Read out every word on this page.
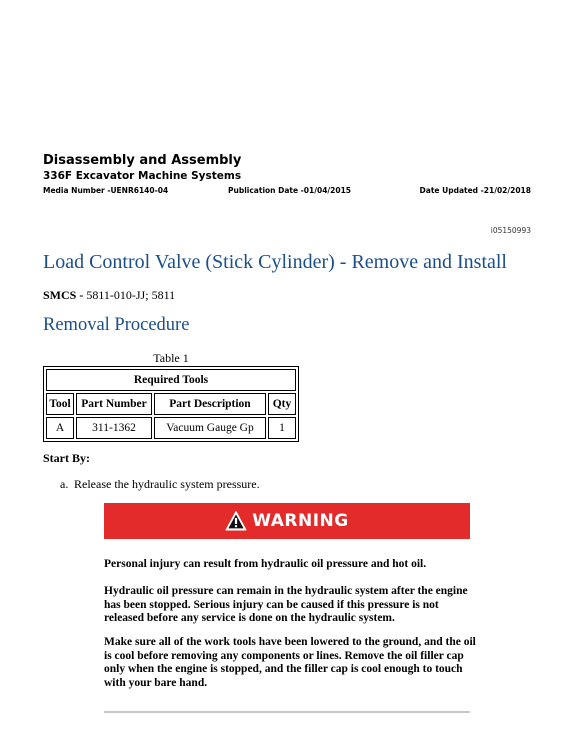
Disassembly and Assembly
336F Excavator Machine Systems
Media Number -UENR6140-04	Publication Date -01/04/2015	Date Updated -21/02/2018
i05150993
Load Control Valve (Stick Cylinder) - Remove and Install
SMCS - 5811-010-JJ; 5811
Removal Procedure
Table 1
Required Tools			
Tool	Part Number	Part Description	Qty
A	311-1362	Vacuum Gauge Gp	1
Start By:
a. Release the hydraulic system pressure.
WARNING
Personal injury can result from hydraulic oil pressure and hot oil.
Hydraulic oil pressure can remain in the hydraulic system after the engine has been stopped. Serious injury can be caused if this pressure is not released before any service is done on the hydraulic system.
Make sure all of the work tools have been lowered to the ground, and the oil is cool before removing any components or lines. Remove the oil filler cap only when the engine is stopped, and the filler cap is cool enough to touch with your bare hand.
